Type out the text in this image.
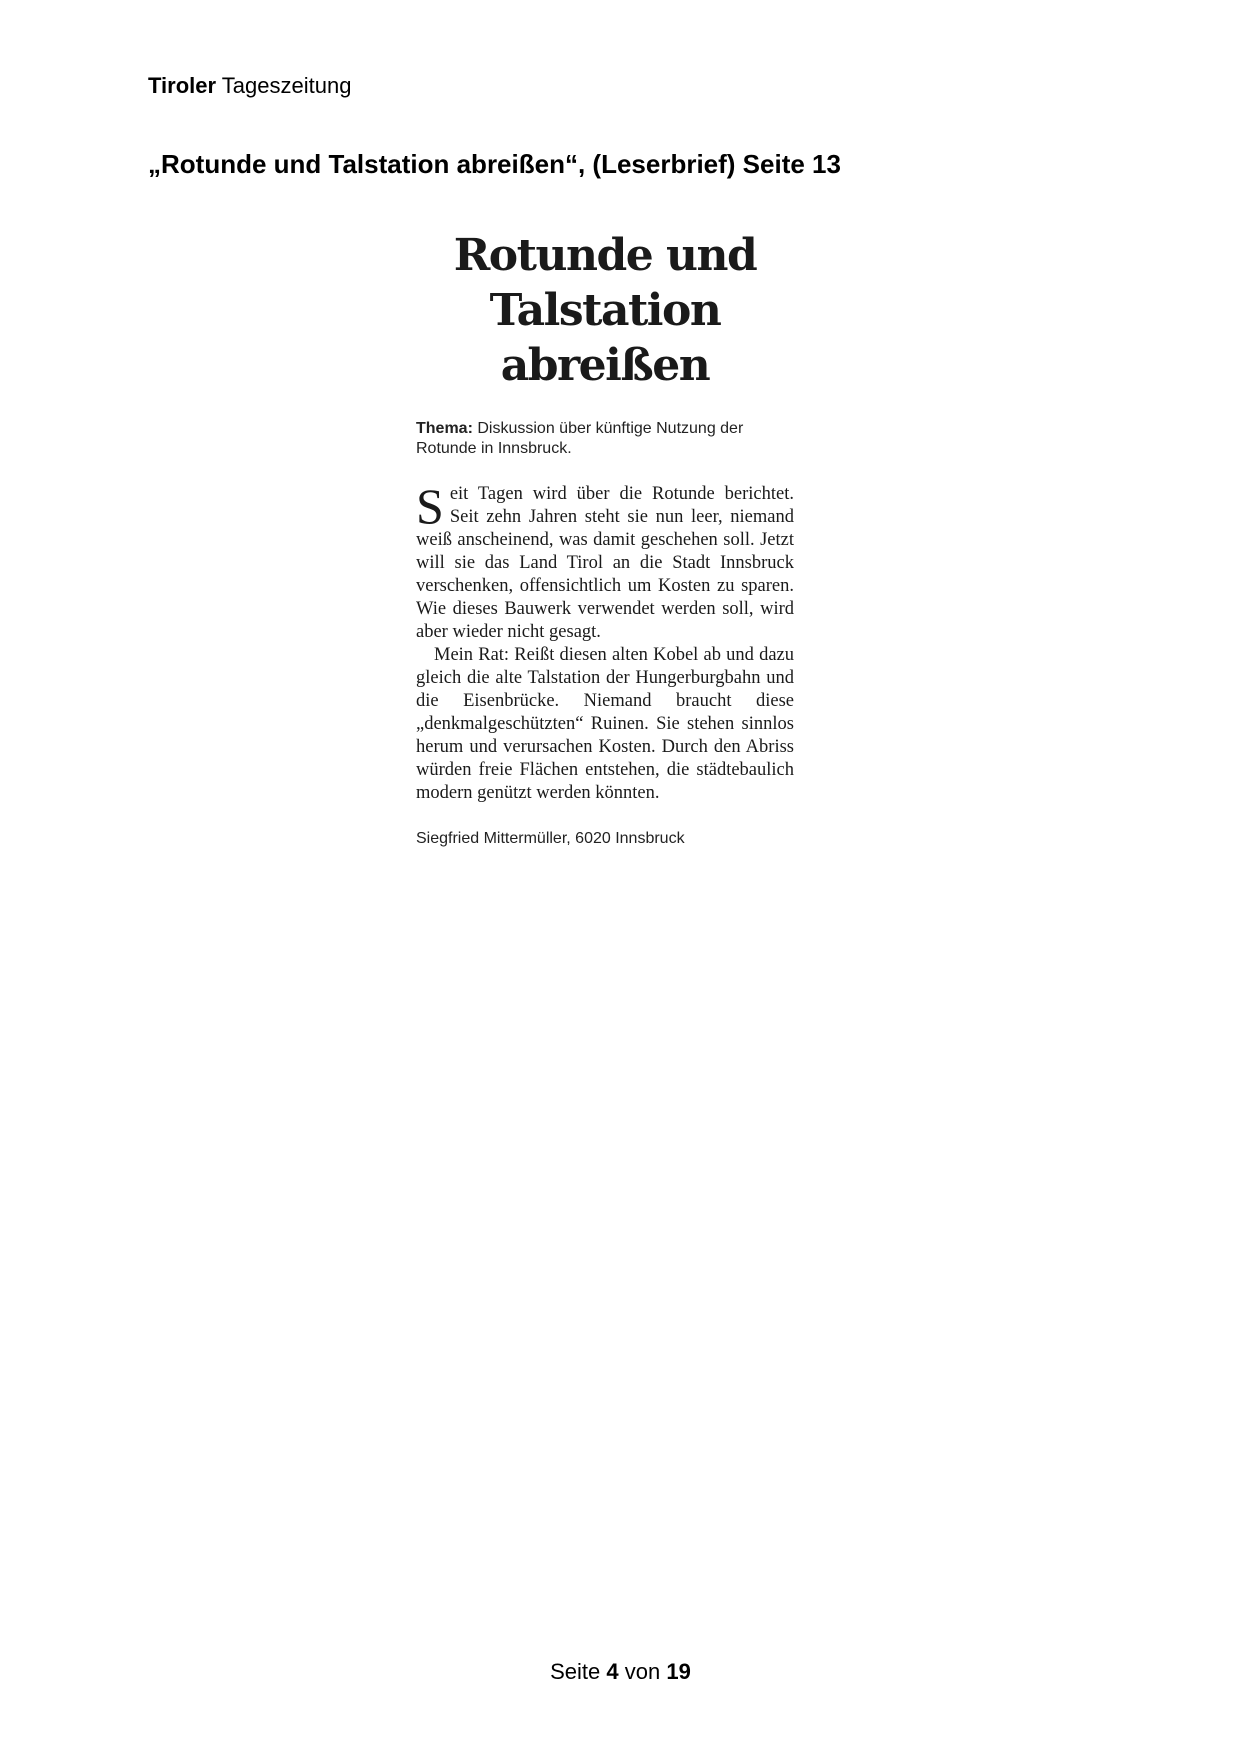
Tiroler Tageszeitung
„Rotunde und Talstation abreißen“, (Leserbrief) Seite 13
Rotunde und
Talstation abreißen
Thema: Diskussion über künftige Nutzung der Rotunde in Innsbruck.

Seit Tagen wird über die Rotunde berichtet. Seit zehn Jahren steht sie nun leer, niemand weiß anscheinend, was damit geschehen soll. Jetzt will sie das Land Tirol an die Stadt Innsbruck verschenken, offensichtlich um Kosten zu sparen. Wie dieses Bauwerk verwendet werden soll, wird aber wieder nicht gesagt.

Mein Rat: Reißt diesen alten Kobel ab und dazu gleich die alte Talstation der Hungerburgbahn und die Eisenbrücke. Niemand braucht diese „denkmalgeschützten“ Ruinen. Sie stehen sinnlos herum und verursachen Kosten. Durch den Abriss würden freie Flächen entstehen, die städtebaulich modern genützt werden könnten.

Siegfried Mittermüller, 6020 Innsbruck
Seite 4 von 19
